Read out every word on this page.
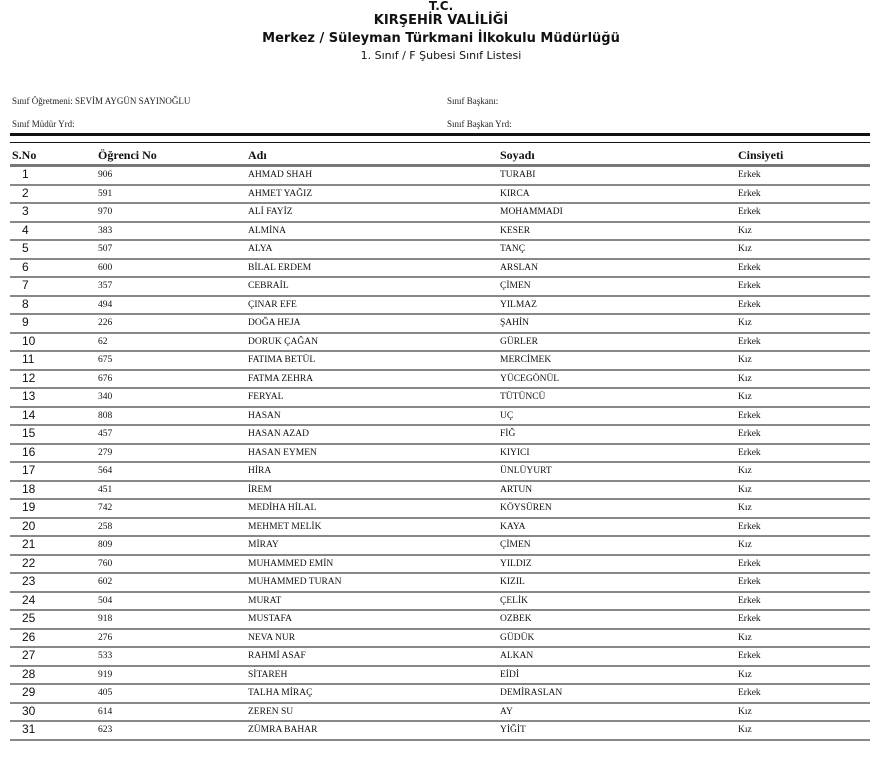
T.C.
KIRŞEHİR VALİLİĞİ
Merkez / Süleyman Türkmani İlkokulu Müdürlüğü
1. Sınıf / F Şubesi Sınıf Listesi
Sınıf Öğretmeni: SEVİM AYGÜN SAYINOĞLU
Sınıf Müdür Yrd:
Sınıf Başkanı:
Sınıf Başkan Yrd:
S.No	Öğrenci No	Adı	Soyadı	Cinsiyeti
1	906	AHMAD SHAH	TURABI	Erkek
2	591	AHMET YAĞIZ	KIRCA	Erkek
3	970	ALİ FAYİZ	MOHAMMADI	Erkek
4	383	ALMİNA	KESER	Kız
5	507	ALYA	TANÇ	Kız
6	600	BİLAL ERDEM	ARSLAN	Erkek
7	357	CEBRAİL	ÇİMEN	Erkek
8	494	ÇINAR EFE	YILMAZ	Erkek
9	226	DOĞA HEJA	ŞAHİN	Kız
10	62	DORUK ÇAĞAN	GÜRLER	Erkek
11	675	FATIMA BETÜL	MERCİMEK	Kız
12	676	FATMA ZEHRA	YÜCEGÖNÜL	Kız
13	340	FERYAL	TÜTÜNCÜ	Kız
14	808	HASAN	UÇ	Erkek
15	457	HASAN AZAD	FİĞ	Erkek
16	279	HASAN EYMEN	KIYICI	Erkek
17	564	HİRA	ÜNLÜYURT	Kız
18	451	İREM	ARTUN	Kız
19	742	MEDİHA HİLAL	KÖYSÜREN	Kız
20	258	MEHMET MELİK	KAYA	Erkek
21	809	MİRAY	ÇİMEN	Kız
22	760	MUHAMMED EMİN	YILDIZ	Erkek
23	602	MUHAMMED TURAN	KIZIL	Erkek
24	504	MURAT	ÇELİK	Erkek
25	918	MUSTAFA	OZBEK	Erkek
26	276	NEVA NUR	GÜDÜK	Kız
27	533	RAHMİ ASAF	ALKAN	Erkek
28	919	SİTAREH	EİDİ	Kız
29	405	TALHA MİRAÇ	DEMİRASLAN	Erkek
30	614	ZEREN SU	AY	Kız
31	623	ZÜMRA BAHAR	YİĞİT	Kız
